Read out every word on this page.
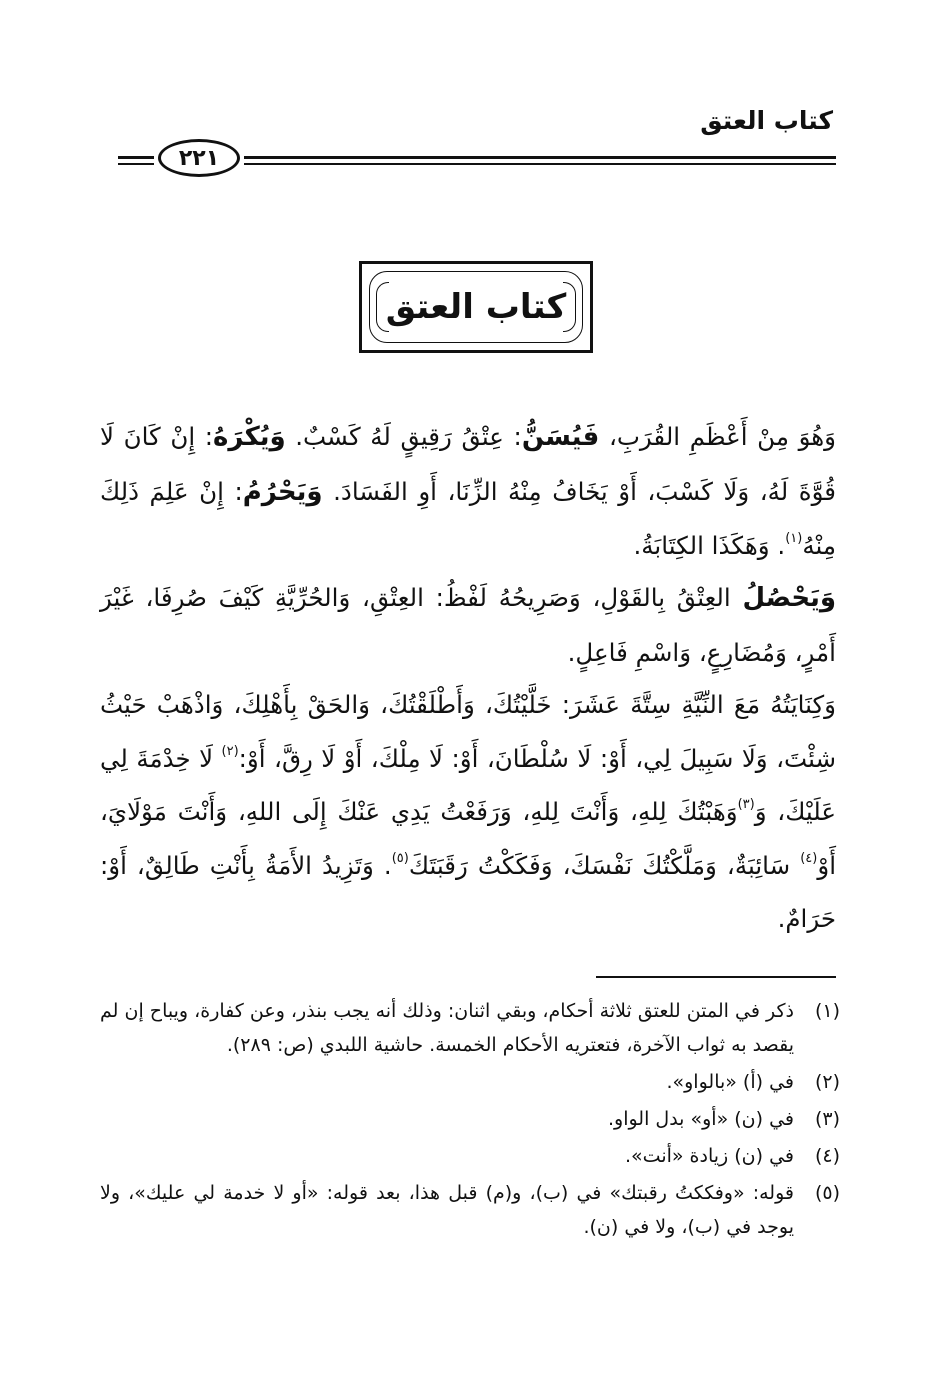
كتاب العتق
٢٢١
كتاب العتق

وَهُوَ مِنْ أَعْظَمِ القُرَبِ، فَيُسَنُّ: عِتْقُ رَقِيقٍ لَهُ كَسْبٌ. وَيُكْرَهُ: إِنْ كَانَ لَا قُوَّةَ لَهُ، وَلَا كَسْبَ، أَوْ يَخَافُ مِنْهُ الزِّنَا، أَوِ الفَسَادَ. وَيَحْرُمُ: إِنْ عَلِمَ ذَلِكَ مِنْهُ$^{(١)}$. وَهَكَذَا الكِتَابَةُ.

وَيَحْصُلُ العِتْقُ بِالقَوْلِ، وَصَرِيحُهُ لَفْظُ: العِتْقِ، وَالحُرِّيَّةِ كَيْفَ صُرِفَا، غَيْرَ أَمْرٍ، وَمُضَارِعٍ، وَاسْمِ فَاعِلٍ.

وَكِنَايَتُهُ مَعَ النِّيَّةِ سِتَّةَ عَشَرَ: خَلَّيْتُكَ، وَأَطْلَقْتُكَ، وَالحَقْ بِأَهْلِكَ، وَاذْهَبْ حَيْثُ شِئْتَ، وَلَا سَبِيلَ لِي، أَوْ: لَا سُلْطَانَ، أَوْ: لَا مِلْكَ، أَوْ لَا رِقَّ، أَوْ:$^{(٢)}$ لَا خِدْمَةَ لِي عَلَيْكَ، وَ$^{(٣)}$وَهَبْتُكَ لِلهِ، وَأَنْتَ لِلهِ، وَرَفَعْتُ يَدِي عَنْكَ إِلَى اللهِ، وَأَنْتَ مَوْلَايَ، أَوْ$^{(٤)}$ سَائِبَةٌ، وَمَلَّكْتُكَ نَفْسَكَ، وَفَكَكْتُ رَقَبَتَكَ$^{(٥)}$. وَتَزِيدُ الأَمَةُ بِأَنْتِ طَالِقٌ، أَوْ: حَرَامٌ.

(١)
ذكر في المتن للعتق ثلاثة أحكام، وبقي اثنان: وذلك أنه يجب بنذر، وعن كفارة، ويباح إن لم يقصد به ثواب الآخرة، فتعتريه الأحكام الخمسة. حاشية اللبدي (ص: ٢٨٩).
(٢)
في (أ) «بالواو».
(٣)
في (ن) «أو» بدل الواو.
(٤)
في (ن) زيادة «أنت».
(٥)
قوله: «وفككتُ رقبتك» في (ب)، و(م) قبل هذا، بعد قوله: «أو لا خدمة لي عليك»، ولا يوجد في (ب)، ولا في (ن).
